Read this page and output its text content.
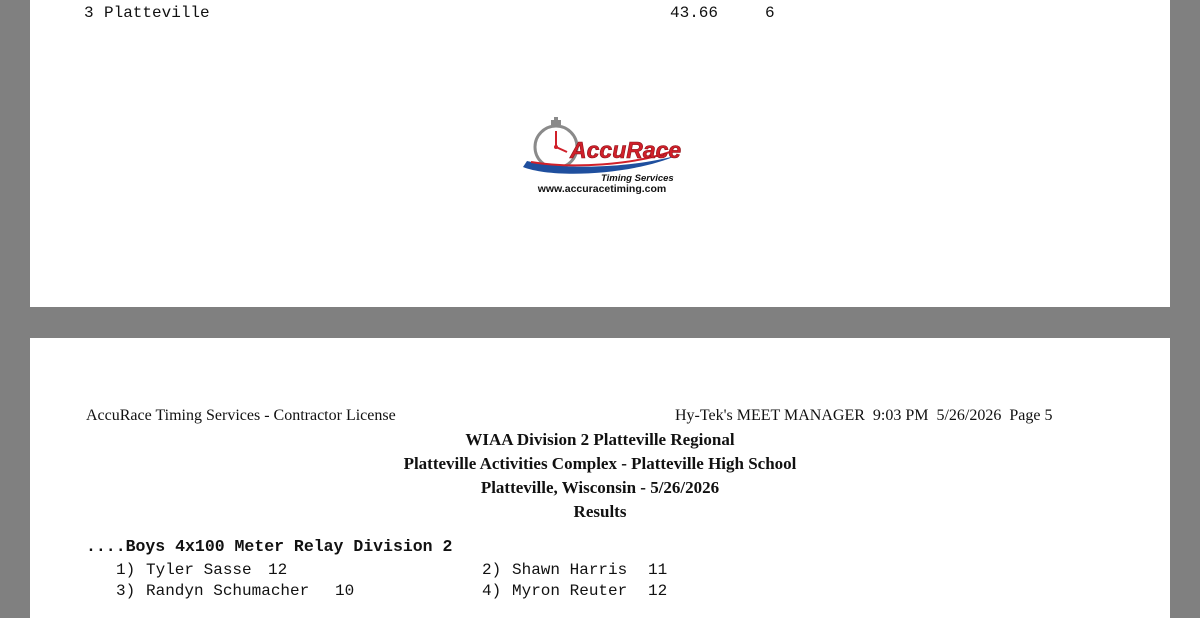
3 Platteville	43.66	6
AccuRace
Timing Services
www.accuracetiming.com
AccuRace Timing Services - Contractor License	Hy-Tek's MEET MANAGER  9:03 PM  5/26/2026  Page 5
WIAA Division 2 Platteville Regional
Platteville Activities Complex - Platteville High School
Platteville, Wisconsin - 5/26/2026
Results
....Boys 4x100 Meter Relay Division 2
1) Tyler Sasse 12	2) Shawn Harris 11
3) Randyn Schumacher 10	4) Myron Reuter 12
